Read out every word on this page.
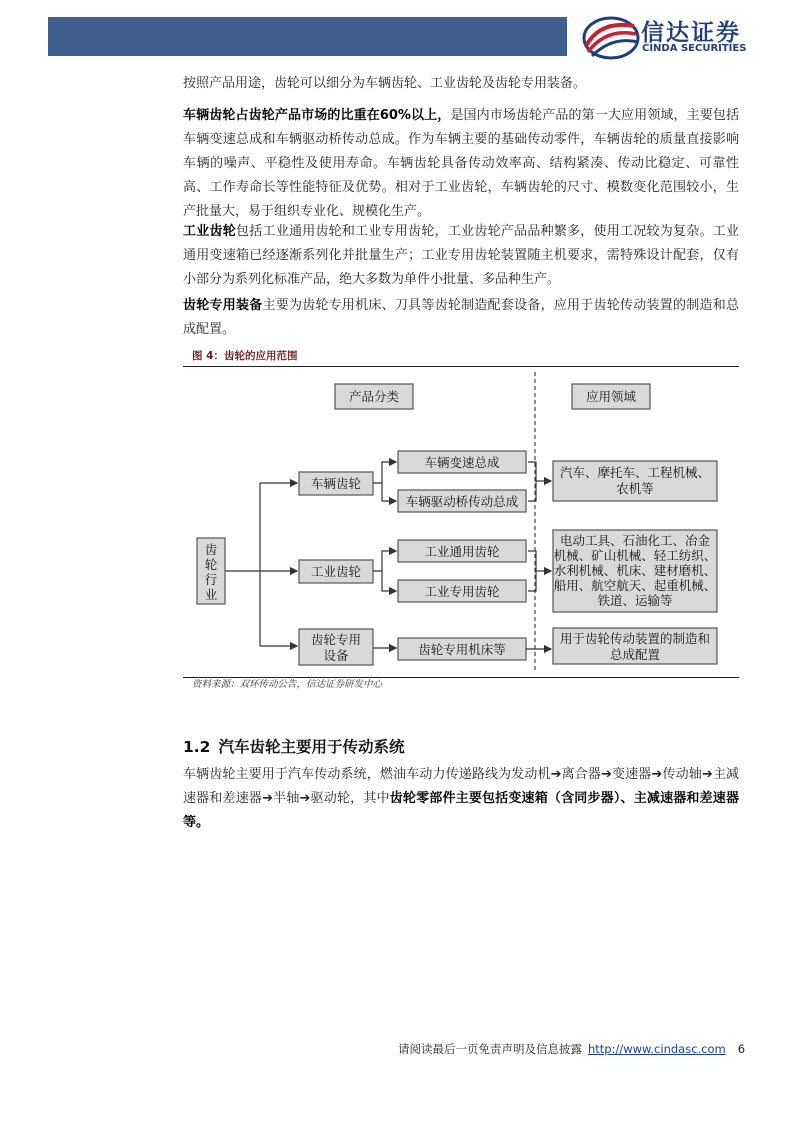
信达证券
CINDA SECURITIES

按照产品用途，齿轮可以细分为车辆齿轮、工业齿轮及齿轮专用装备。

车辆齿轮占齿轮产品市场的比重在60%以上，是国内市场齿轮产品的第一大应用领域，主要包括车辆变速总成和车辆驱动桥传动总成。作为车辆主要的基础传动零件，车辆齿轮的质量直接影响车辆的噪声、平稳性及使用寿命。车辆齿轮具备传动效率高、结构紧凑、传动比稳定、可靠性高、工作寿命长等性能特征及优势。相对于工业齿轮，车辆齿轮的尺寸、模数变化范围较小，生产批量大，易于组织专业化、规模化生产。

工业齿轮包括工业通用齿轮和工业专用齿轮，工业齿轮产品品种繁多，使用工况较为复杂。工业通用变速箱已经逐渐系列化并批量生产；工业专用齿轮装置随主机要求，需特殊设计配套，仅有小部分为系列化标准产品，绝大多数为单件小批量、多品种生产。

齿轮专用装备主要为齿轮专用机床、刀具等齿轮制造配套设备，应用于齿轮传动装置的制造和总成配置。

图 4：齿轮的应用范围
产品分类	应用领域
齿
轮
行
业
车辆齿轮
工业齿轮
齿轮专用
设备
车辆变速总成
车辆驱动桥传动总成
工业通用齿轮
工业专用齿轮
齿轮专用机床等
汽车、摩托车、工程机械、
农机等
电动工具、石油化工、冶金
机械、矿山机械、轻工纺织、
水利机械、机床、建材磨机、
船用、航空航天、起重机械、
铁道、运输等
用于齿轮传动装置的制造和
总成配置
资料来源：双环传动公告，信达证券研发中心
1.2 汽车齿轮主要用于传动系统

车辆齿轮主要用于汽车传动系统，燃油车动力传递路线为发动机➔离合器➔变速器➔传动轴➔主减速器和差速器➔半轴➔驱动轮，其中齿轮零部件主要包括变速箱（含同步器）、主减速器和差速器等。

请阅读最后一页免责声明及信息披露 http://www.cindasc.com 6
